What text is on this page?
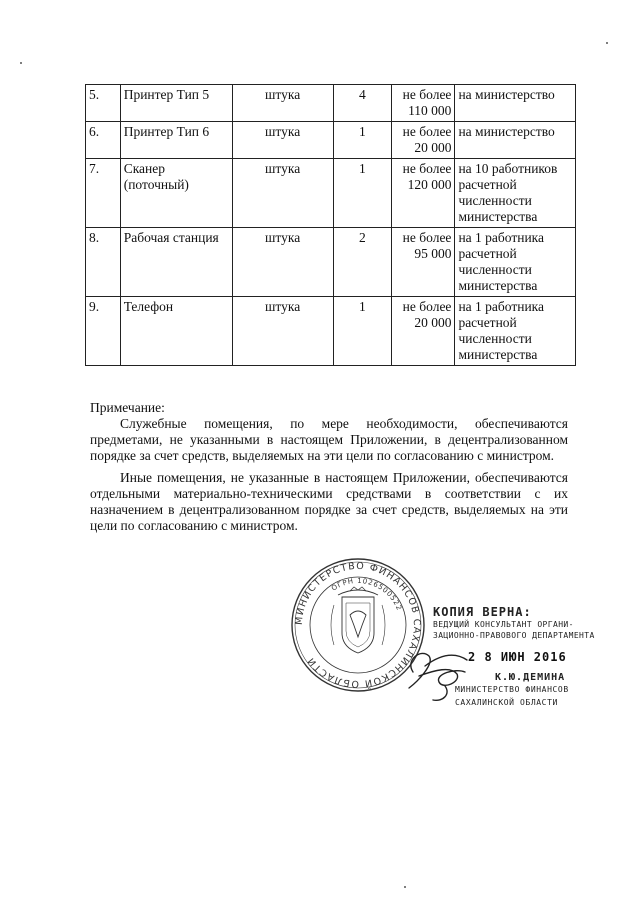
5.	Принтер Тип 5	штука	4	не более 110 000	на министерство
6.	Принтер Тип 6	штука	1	не более 20 000	на министерство
7.	Сканер (поточный)	штука	1	не более 120 000	на 10 работников расчетной численности министерства
8.	Рабочая станция	штука	2	не более 95 000	на 1 работника расчетной численности министерства
9.	Телефон	штука	1	не более 20 000	на 1 работника расчетной численности министерства

Примечание:

Служебные помещения, по мере необходимости, обеспечиваются предметами, не указанными в настоящем Приложении, в децентрализованном порядке за счет средств, выделяемых на эти цели по согласованию с министром.

Иные помещения, не указанные в настоящем Приложении, обеспечиваются отдельными материально-техническими средствами в соответствии с их назначением в децентрализованном порядке за счет средств, выделяемых на эти цели по согласованию с министром.

МИНИСТЕРСТВО ФИНАНСОВ САХАЛИНСКОЙ ОБЛАСТИ
ОГРН 1026500522 КОПИЯ ВЕРНА:
ВЕДУЩИЙ КОНСУЛЬТАНТ ОРГАНИ-
ЗАЦИОННО-ПРАВОВОГО ДЕПАРТАМЕНТА
2 8 ИЮН 2016
К.Ю.ДЕМИНА
МИНИСТЕРСТВО ФИНАНСОВ
САХАЛИНСКОЙ ОБЛАСТИ
